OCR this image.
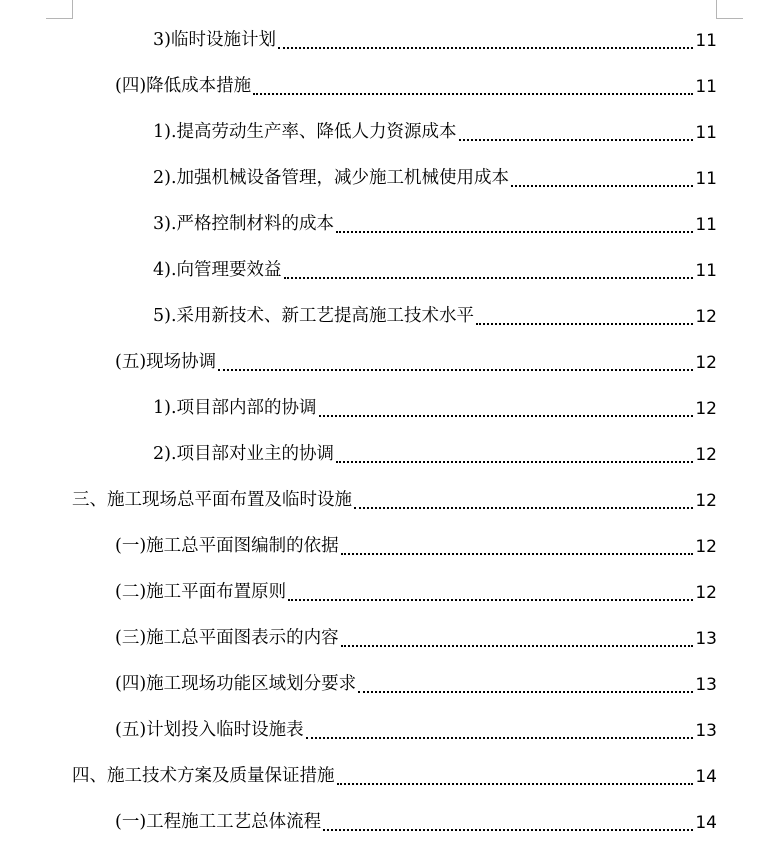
3)临时设施计划	11
(四)降低成本措施	11
1).提高劳动生产率、降低人力资源成本	11
2).加强机械设备管理，减少施工机械使用成本	11
3).严格控制材料的成本	11
4).向管理要效益	11
5).采用新技术、新工艺提高施工技术水平	12
(五)现场协调	12
1).项目部内部的协调	12
2).项目部对业主的协调	12
三、施工现场总平面布置及临时设施	12
(一)施工总平面图编制的依据	12
(二)施工平面布置原则	12
(三)施工总平面图表示的内容	13
(四)施工现场功能区域划分要求	13
(五)计划投入临时设施表	13
四、施工技术方案及质量保证措施	14
(一)工程施工工艺总体流程	14
